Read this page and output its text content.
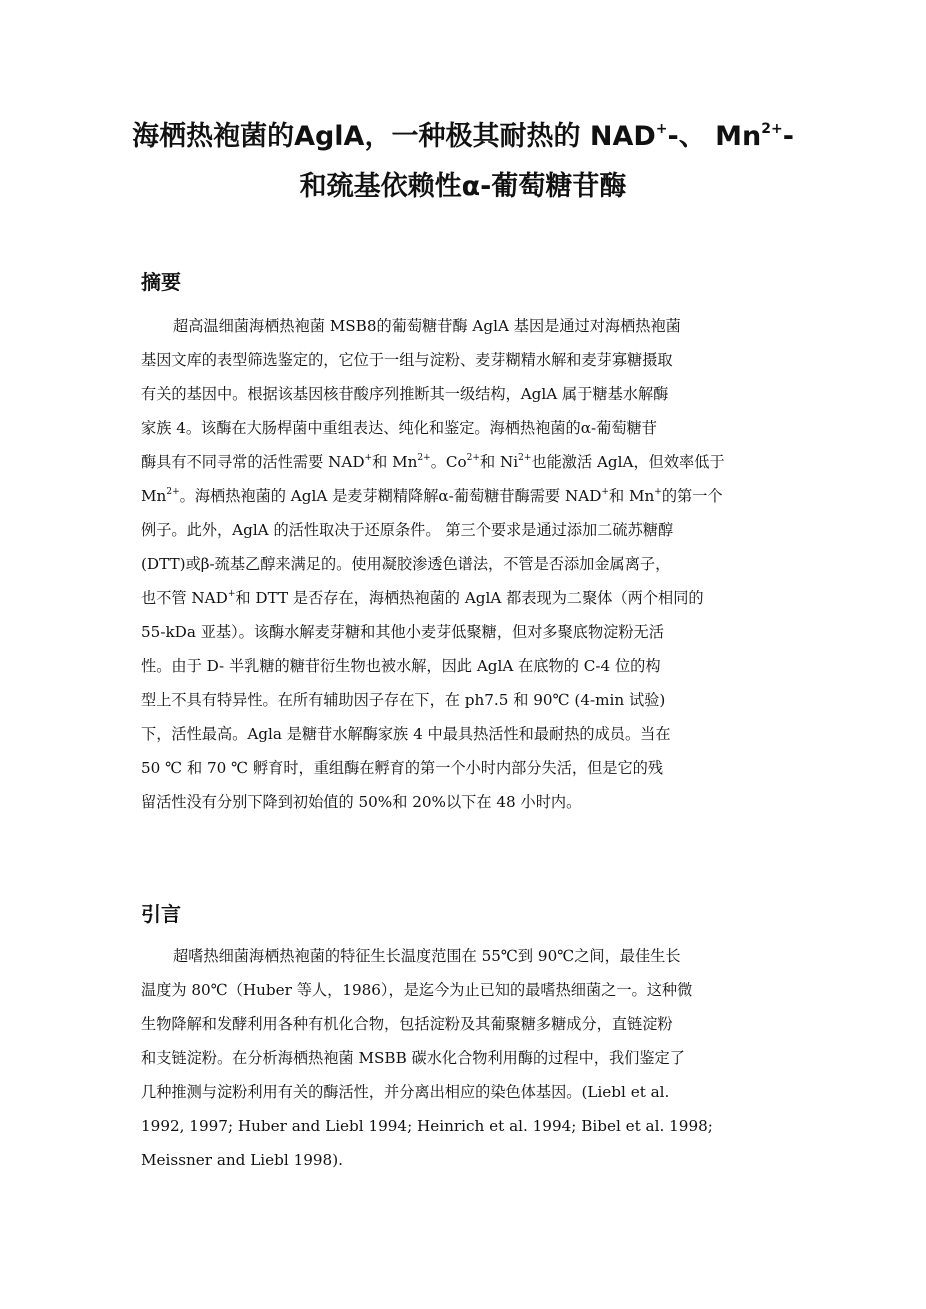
海栖热袍菌的AglA，一种极其耐热的 NAD+-、 $Mn^{2+}-$
和巯基依赖性α-葡萄糖苷酶
摘要
超高温细菌海栖热袍菌 MSB8的葡萄糖苷酶 AglA 基因是通过对海栖热袍菌
基因文库的表型筛选鉴定的，它位于一组与淀粉、麦芽糊精水解和麦芽寡糖摄取
有关的基因中。根据该基因核苷酸序列推断其一级结构，AglA 属于糖基水解酶
家族 4。该酶在大肠桿菌中重组表达、纯化和鉴定。海栖热袍菌的α-葡萄糖苷
酶具有不同寻常的活性需要 NAD+和 $Mn^{2+}$。$Co^{2+}$和 $Ni^{2+}$也能激活 AglA，但效率低于
$Mn^{2+}$。海栖热袍菌的 AglA 是麦芽糊精降解α-葡萄糖苷酶需要 NAD+和 Mn+的第一个
例子。此外，AglA 的活性取决于还原条件。 第三个要求是通过添加二硫苏糖醇
(DTT)或β-巯基乙醇来满足的。使用凝胶渗透色谱法，不管是否添加金属离子，
也不管 NAD+和 DTT 是否存在，海栖热袍菌的 AglA 都表现为二聚体（两个相同的
55-kDa 亚基）。该酶水解麦芽糖和其他小麦芽低聚糖，但对多聚底物淀粉无活
性。由于 D- 半乳糖的糖苷衍生物也被水解，因此 AglA 在底物的 C-4 位的构
型上不具有特异性。在所有辅助因子存在下，在 ph7.5 和 90℃ (4-min 试验)
下，活性最高。Agla 是糖苷水解酶家族 4 中最具热活性和最耐热的成员。当在
50 ℃ 和 70 ℃ 孵育时，重组酶在孵育的第一个小时内部分失活，但是它的残
留活性没有分别下降到初始值的 50%和 20%以下在 48 小时内。
引言
超嗜热细菌海栖热袍菌的特征生长温度范围在 55℃到 90℃之间，最佳生长
温度为 80℃（Huber 等人，1986），是迄今为止已知的最嗜热细菌之一。这种微
生物降解和发酵利用各种有机化合物，包括淀粉及其葡聚糖多糖成分，直链淀粉
和支链淀粉。在分析海栖热袍菌 MSBB 碳水化合物利用酶的过程中，我们鉴定了
几种推测与淀粉利用有关的酶活性，并分离出相应的染色体基因。(Liebl et al.
1992, 1997; Huber and Liebl 1994; Heinrich et al. 1994; Bibel et al. 1998;
Meissner and Liebl 1998).
